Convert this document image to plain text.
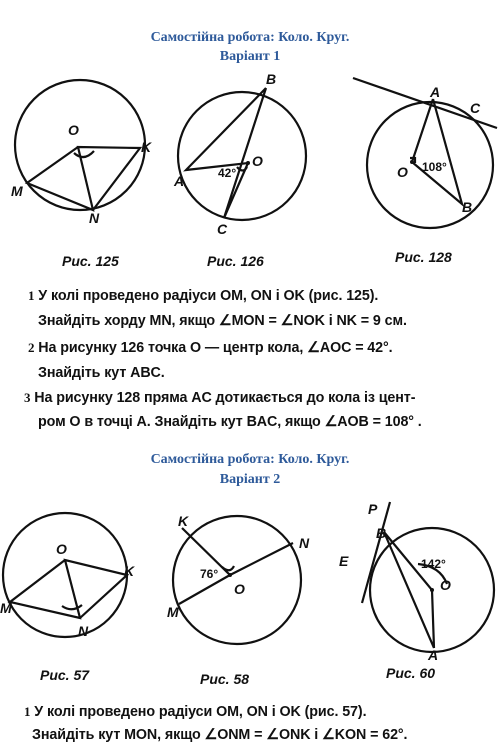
Самостійна робота: Коло. Круг.
Варіант 1
O
K
M
N
Рис. 125
B
O
A
C
42°
Рис. 126
A
C
O
B
108°
Рис. 128
O
K
M
N
Рис. 57
K
N
O
M
76°
Рис. 58
P
B
E
O
A
142°
Рис. 60
1 У колі проведено радіуси OM, ON і OK (рис. 125).
Знайдіть хорду MN, якщо ∠MON = ∠NOK і NK = 9 см.
2 На рисунку 126 точка O — центр кола, ∠AOC = 42°.
Знайдіть кут ABC.
3 На рисунку 128 пряма AC дотикається до кола із цент-
ром O в точці A. Знайдіть кут BAC, якщо ∠AOB = 108° .
Самостійна робота: Коло. Круг.
Варіант 2
1 У колі проведено радіуси OM, ON і OK (рис. 57).
Знайдіть кут MON, якщо ∠ONM = ∠ONK і ∠KON = 62°.
